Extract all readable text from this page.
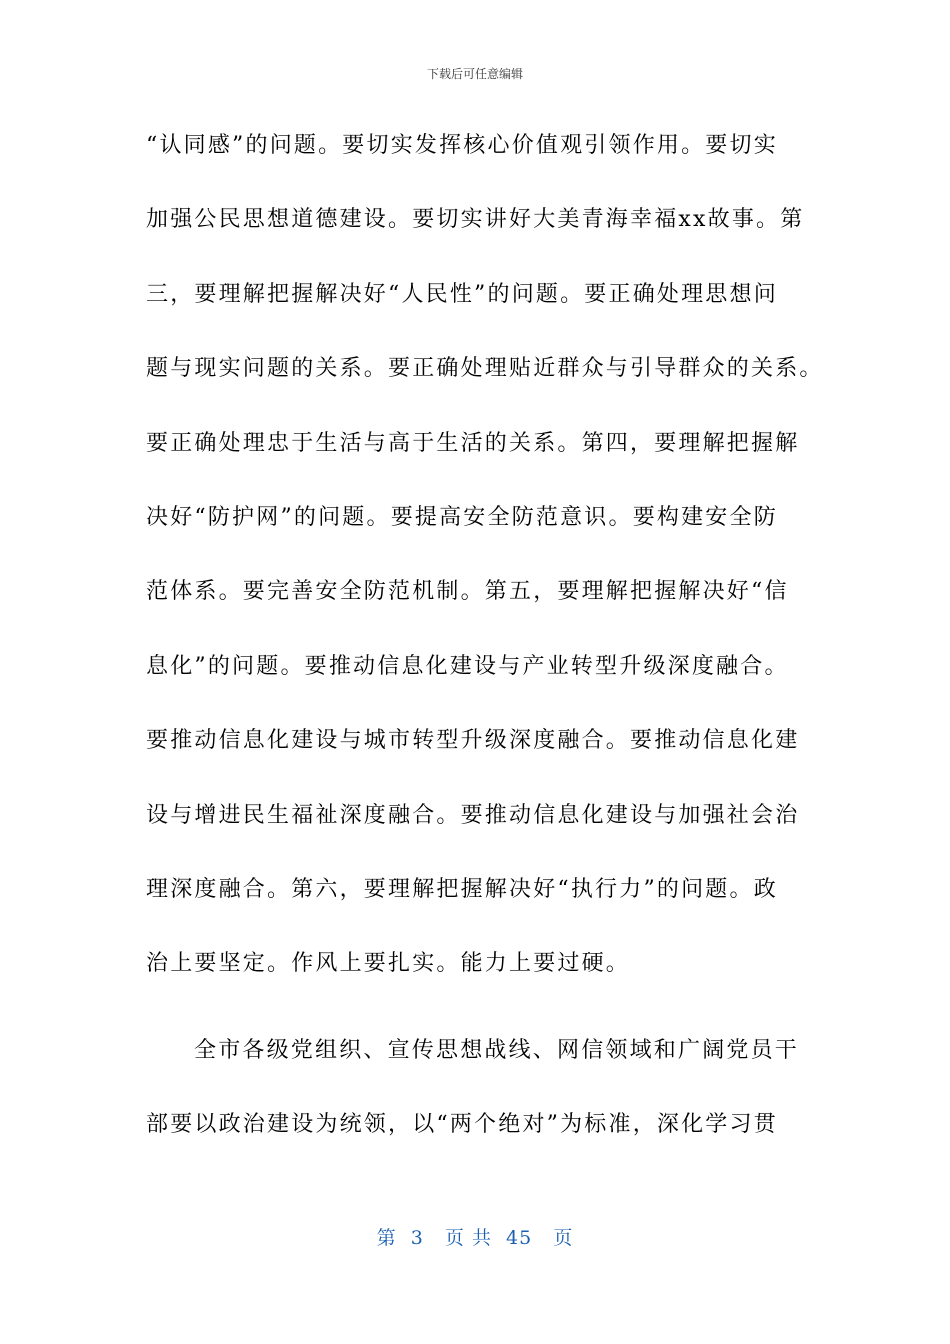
下载后可任意编辑
“认同感”的问题。要切实发挥核心价值观引领作用。要切实
加强公民思想道德建设。要切实讲好大美青海幸福xx故事。第
三，要理解把握解决好“人民性”的问题。要正确处理思想问
题与现实问题的关系。要正确处理贴近群众与引导群众的关系。
要正确处理忠于生活与高于生活的关系。第四，要理解把握解
决好“防护网”的问题。要提高安全防范意识。要构建安全防
范体系。要完善安全防范机制。第五，要理解把握解决好“信
息化”的问题。要推动信息化建设与产业转型升级深度融合。
要推动信息化建设与城市转型升级深度融合。要推动信息化建
设与增进民生福祉深度融合。要推动信息化建设与加强社会治
理深度融合。第六，要理解把握解决好“执行力”的问题。政
治上要坚定。作风上要扎实。能力上要过硬。
全市各级党组织、宣传思想战线、网信领域和广阔党员干
部要以政治建设为统领，以“两个绝对”为标准，深化学习贯
第  3   页 共  45   页
